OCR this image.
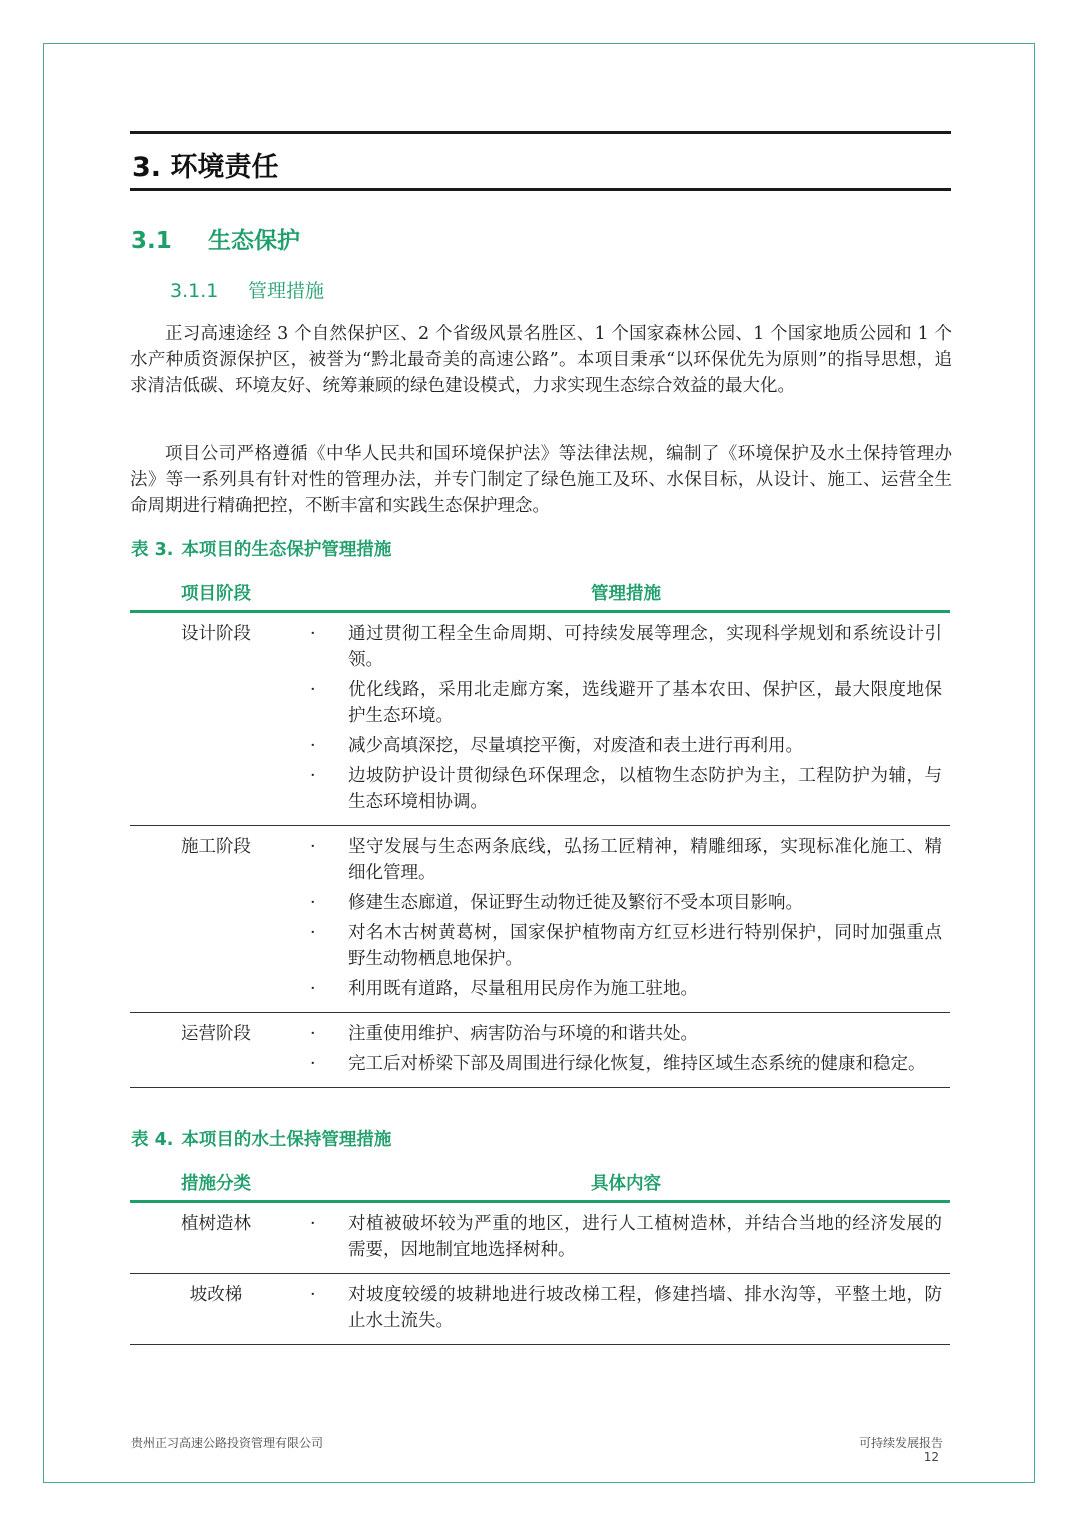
3. 环境责任
3.1 生态保护
3.1.1 管理措施

正习高速途经 3 个自然保护区、2 个省级风景名胜区、1 个国家森林公园、1 个国家地质公园和 1 个水产种质资源保护区，被誉为“黔北最奇美的高速公路”。本项目秉承“以环保优先为原则”的指导思想，追求清洁低碳、环境友好、统筹兼顾的绿色建设模式，力求实现生态综合效益的最大化。

项目公司严格遵循《中华人民共和国环境保护法》等法律法规，编制了《环境保护及水土保持管理办法》等一系列具有针对性的管理办法，并专门制定了绿色施工及环、水保目标，从设计、施工、运营全生命周期进行精确把控，不断丰富和实践生态保护理念。

表 3. 本项目的生态保护管理措施
项目阶段	管理措施
设计阶段	· 通过贯彻工程全生命周期、可持续发展等理念，实现科学规划和系统设计引领。
· 优化线路，采用北走廊方案，选线避开了基本农田、保护区，最大限度地保护生态环境。
· 减少高填深挖，尽量填挖平衡，对废渣和表土进行再利用。
· 边坡防护设计贯彻绿色环保理念，以植物生态防护为主，工程防护为辅，与生态环境相协调。
施工阶段	· 坚守发展与生态两条底线，弘扬工匠精神，精雕细琢，实现标准化施工、精细化管理。
· 修建生态廊道，保证野生动物迁徙及繁衍不受本项目影响。
· 对名木古树黄葛树，国家保护植物南方红豆杉进行特别保护，同时加强重点野生动物栖息地保护。
· 利用既有道路，尽量租用民房作为施工驻地。
运营阶段	· 注重使用维护、病害防治与环境的和谐共处。
· 完工后对桥梁下部及周围进行绿化恢复，维持区域生态系统的健康和稳定。
表 4. 本项目的水土保持管理措施
措施分类	具体内容
植树造林	· 对植被破坏较为严重的地区，进行人工植树造林，并结合当地的经济发展的需要，因地制宜地选择树种。
坡改梯	· 对坡度较缓的坡耕地进行坡改梯工程，修建挡墙、排水沟等，平整土地，防止水土流失。
贵州正习高速公路投资管理有限公司	可持续发展报告
12
